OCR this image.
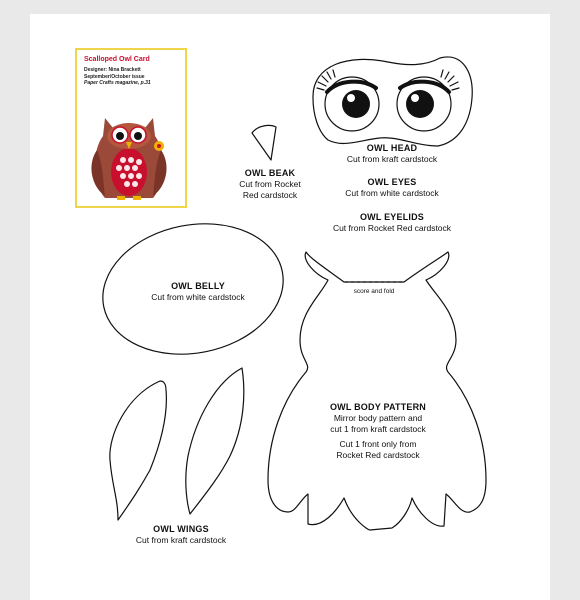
Scalloped Owl Card
Designer: Nina Brackett
September/October issue
Paper Crafts magazine, p.31
OWL BEAK
Cut from Rocket
Red cardstock
OWL HEAD
Cut from kraft cardstock
OWL EYES
Cut from white cardstock
OWL EYELIDS
Cut from Rocket Red cardstock
OWL BELLY
Cut from white cardstock
score and fold
OWL BODY PATTERN
Mirror body pattern and
cut 1 from kraft cardstock
Cut 1 front only from
Rocket Red cardstock
OWL WINGS
Cut from kraft cardstock
